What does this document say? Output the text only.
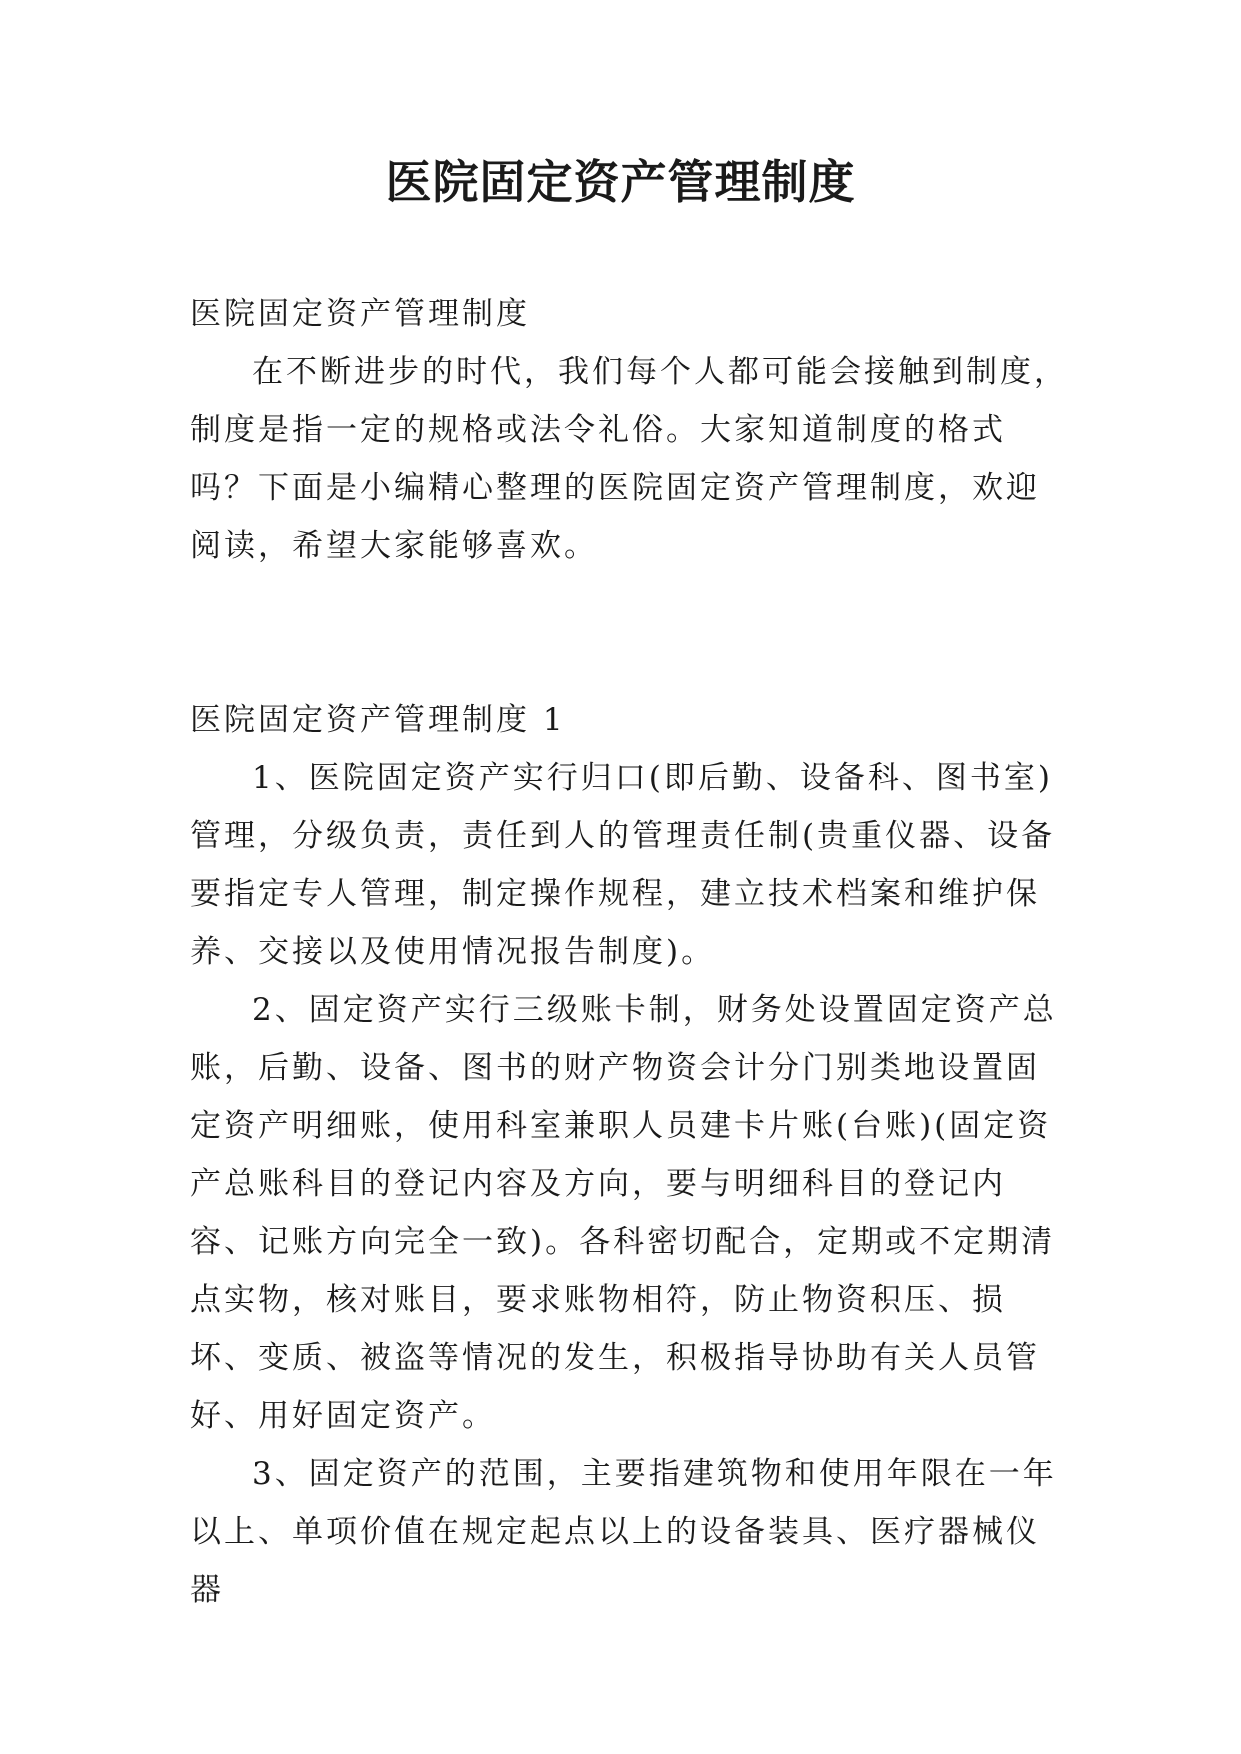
医院固定资产管理制度

医院固定资产管理制度

在不断进步的时代，我们每个人都可能会接触到制度，制度是指一定的规格或法令礼俗。大家知道制度的格式吗？下面是小编精心整理的医院固定资产管理制度，欢迎阅读，希望大家能够喜欢。

医院固定资产管理制度 1

1、医院固定资产实行归口(即后勤、设备科、图书室)管理，分级负责，责任到人的管理责任制(贵重仪器、设备要指定专人管理，制定操作规程，建立技术档案和维护保养、交接以及使用情况报告制度)。

2、固定资产实行三级账卡制，财务处设置固定资产总账，后勤、设备、图书的财产物资会计分门别类地设置固定资产明细账，使用科室兼职人员建卡片账(台账)(固定资产总账科目的登记内容及方向，要与明细科目的登记内容、记账方向完全一致)。各科密切配合，定期或不定期清点实物，核对账目，要求账物相符，防止物资积压、损坏、变质、被盗等情况的发生，积极指导协助有关人员管好、用好固定资产。

3、固定资产的范围，主要指建筑物和使用年限在一年以上、单项价值在规定起点以上的设备装具、医疗器械仪器
